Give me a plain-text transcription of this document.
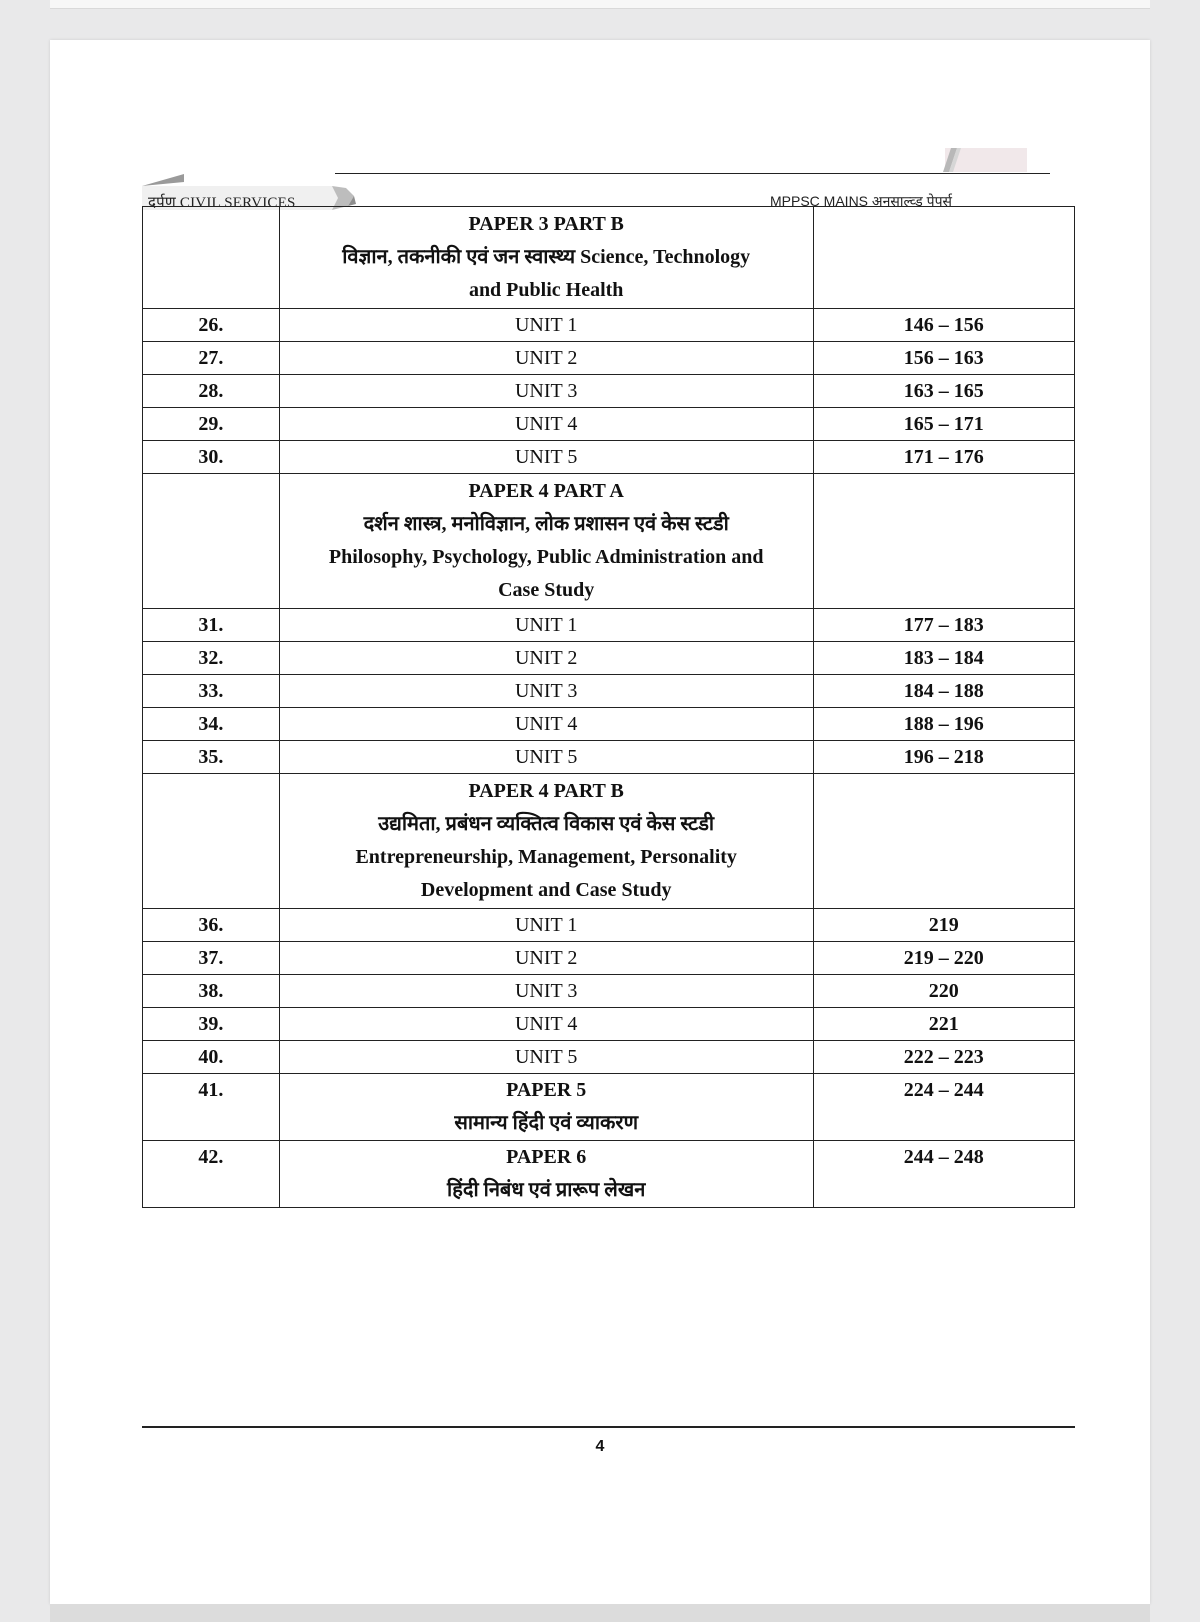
दर्पण CIVIL SERVICES	MPPSC MAINS अनसाल्व्ड पेपर्स

	PAPER 3 PART B
विज्ञान, तकनीकी एवं जन स्वास्थ्य Science, Technology
and Public Health	

26.	UNIT 1	146 – 156
27.	UNIT 2	156 – 163
28.	UNIT 3	163 – 165
29.	UNIT 4	165 – 171
30.	UNIT 5	171 – 176

	PAPER 4 PART A
दर्शन शास्त्र, मनोविज्ञान, लोक प्रशासन एवं केस स्टडी
Philosophy, Psychology, Public Administration and
Case Study	

31.	UNIT 1	177 – 183
32.	UNIT 2	183 – 184
33.	UNIT 3	184 – 188
34.	UNIT 4	188 – 196
35.	UNIT 5	196 – 218

	PAPER 4 PART B
उद्यमिता, प्रबंधन व्यक्तित्व विकास एवं केस स्टडी
Entrepreneurship, Management, Personality
Development and Case Study	

36.	UNIT 1	219
37.	UNIT 2	219 – 220
38.	UNIT 3	220
39.	UNIT 4	221
40.	UNIT 5	222 – 223
41.	PAPER 5
सामान्य हिंदी एवं व्याकरण	224 – 244
42.	PAPER 6
हिंदी निबंध एवं प्रारूप लेखन	244 – 248
4
